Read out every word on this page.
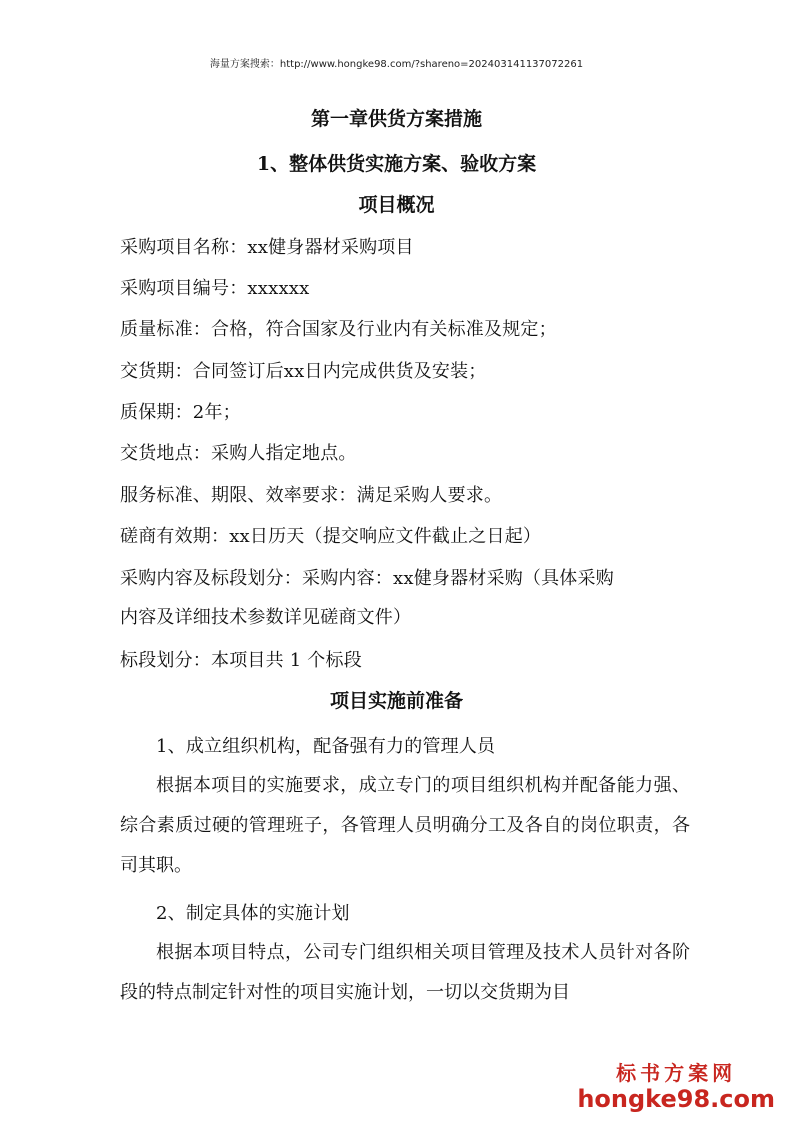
海量方案搜索：http://www.hongke98.com/?shareno=2024031411370722​61
第一章供货方案措施
1、整体供货实施方案、验收方案
项目概况
采购项目名称：xx健身器材采购项目
采购项目编号：xxxxxx
质量标准：合格，符合国家及行业内有关标准及规定；
交货期：合同签订后xx日内完成供货及安装；
质保期：2年；
交货地点：采购人指定地点。
服务标准、期限、效率要求：满足采购人要求。
磋商有效期：xx日历天（提交响应文件截止之日起）
采购内容及标段划分：采购内容：xx健身器材采购（具体采购
内容及详细技术参数详见磋商文件）
标段划分：本项目共 1 个标段
项目实施前准备
1、成立组织机构，配备强有力的管理人员
根据本项目的实施要求，成立专门的项目组织机构并配备能力强、综合素质过硬的管理班子，各管理人员明确分工及各自的岗位职责，各司其职。
2、制定具体的实施计划
根据本项目特点，公司专门组织相关项目管理及技术人员针对各阶段的特点制定针对性的项目实施计划，一切以交货期为目
标书方案网
hongke98.com
